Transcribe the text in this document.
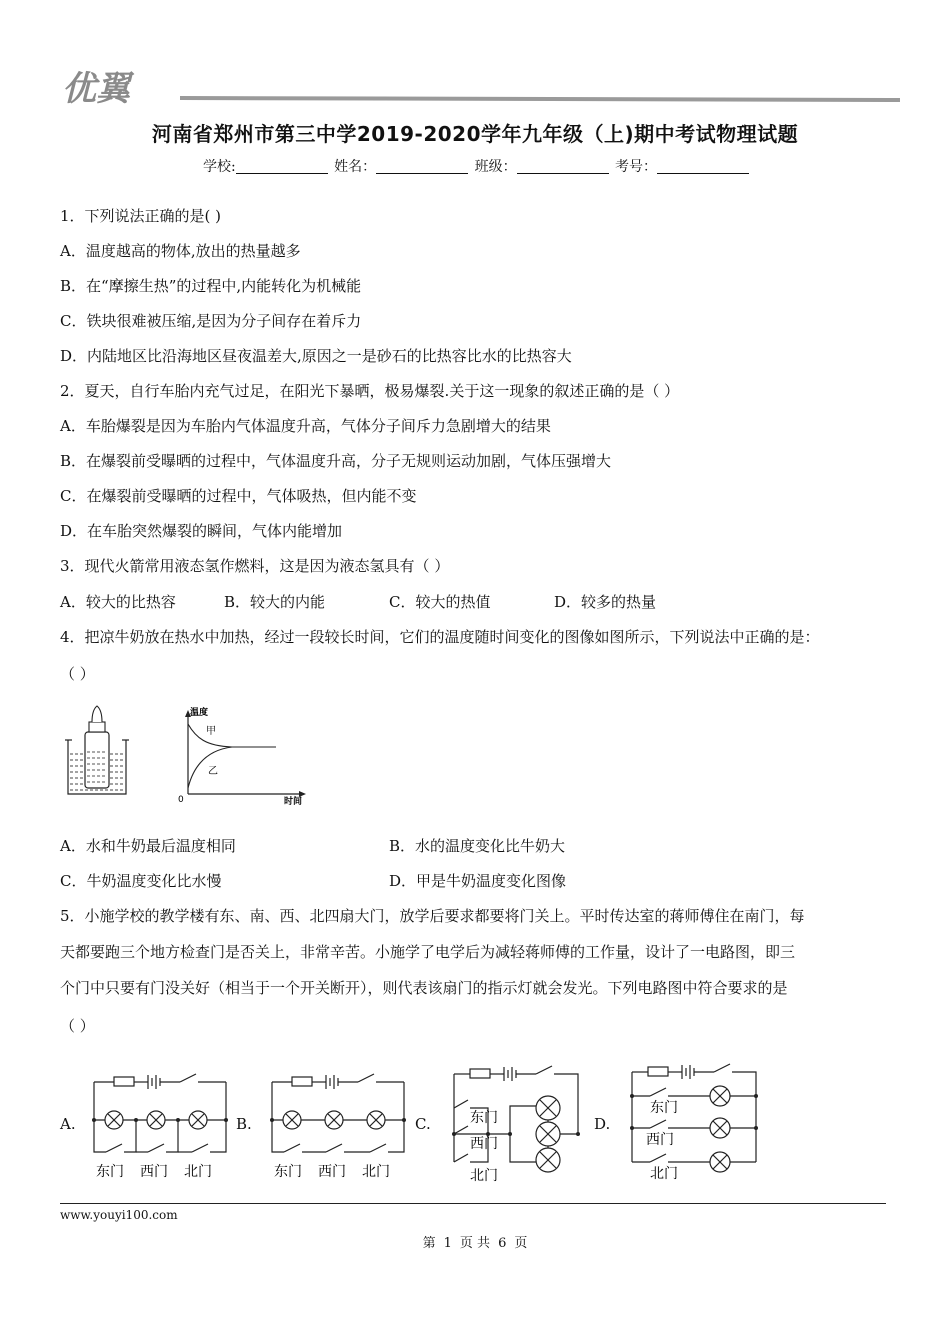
优翼
河南省郑州市第三中学2019-2020学年九年级（上)期中考试物理试题
学校:	姓名：	班级：	考号：
1．下列说法正确的是( )
A．温度越高的物体,放出的热量越多
B．在“摩擦生热”的过程中,内能转化为机械能
C．铁块很难被压缩,是因为分子间存在着斥力
D．内陆地区比沿海地区昼夜温差大,原因之一是砂石的比热容比水的比热容大
2．夏天，自行车胎内充气过足，在阳光下暴晒，极易爆裂.关于这一现象的叙述正确的是（ ）
A．车胎爆裂是因为车胎内气体温度升高，气体分子间斥力急剧增大的结果
B．在爆裂前受曝晒的过程中，气体温度升高，分子无规则运动加剧，气体压强增大
C．在爆裂前受曝晒的过程中，气体吸热，但内能不变
D．在车胎突然爆裂的瞬间，气体内能增加
3．现代火箭常用液态氢作燃料，这是因为液态氢具有（ ）
A．较大的比热容	B．较大的内能	C．较大的热值	D．较多的热量
4．把凉牛奶放在热水中加热，经过一段较长时间，它们的温度随时间变化的图像如图所示，下列说法中正确的是：
（ ）
温度
时间
0
甲
乙
A．水和牛奶最后温度相同	B．水的温度变化比牛奶大
C．牛奶温度变化比水慢	D．甲是牛奶温度变化图像
5．小施学校的教学楼有东、南、西、北四扇大门，放学后要求都要将门关上。平时传达室的蒋师傅住在南门，每
天都要跑三个地方检查门是否关上，非常辛苦。小施学了电学后为减轻蒋师傅的工作量，设计了一电路图，即三
个门中只要有门没关好（相当于一个开关断开），则代表该扇门的指示灯就会发光。下列电路图中符合要求的是
（ ）
A.	B.	C.	D.
东门 西门 北门	东门 西门 北门
东门
西门
北门
东门
西门
北门
www.youyi100.com
第 1 页 共 6 页
